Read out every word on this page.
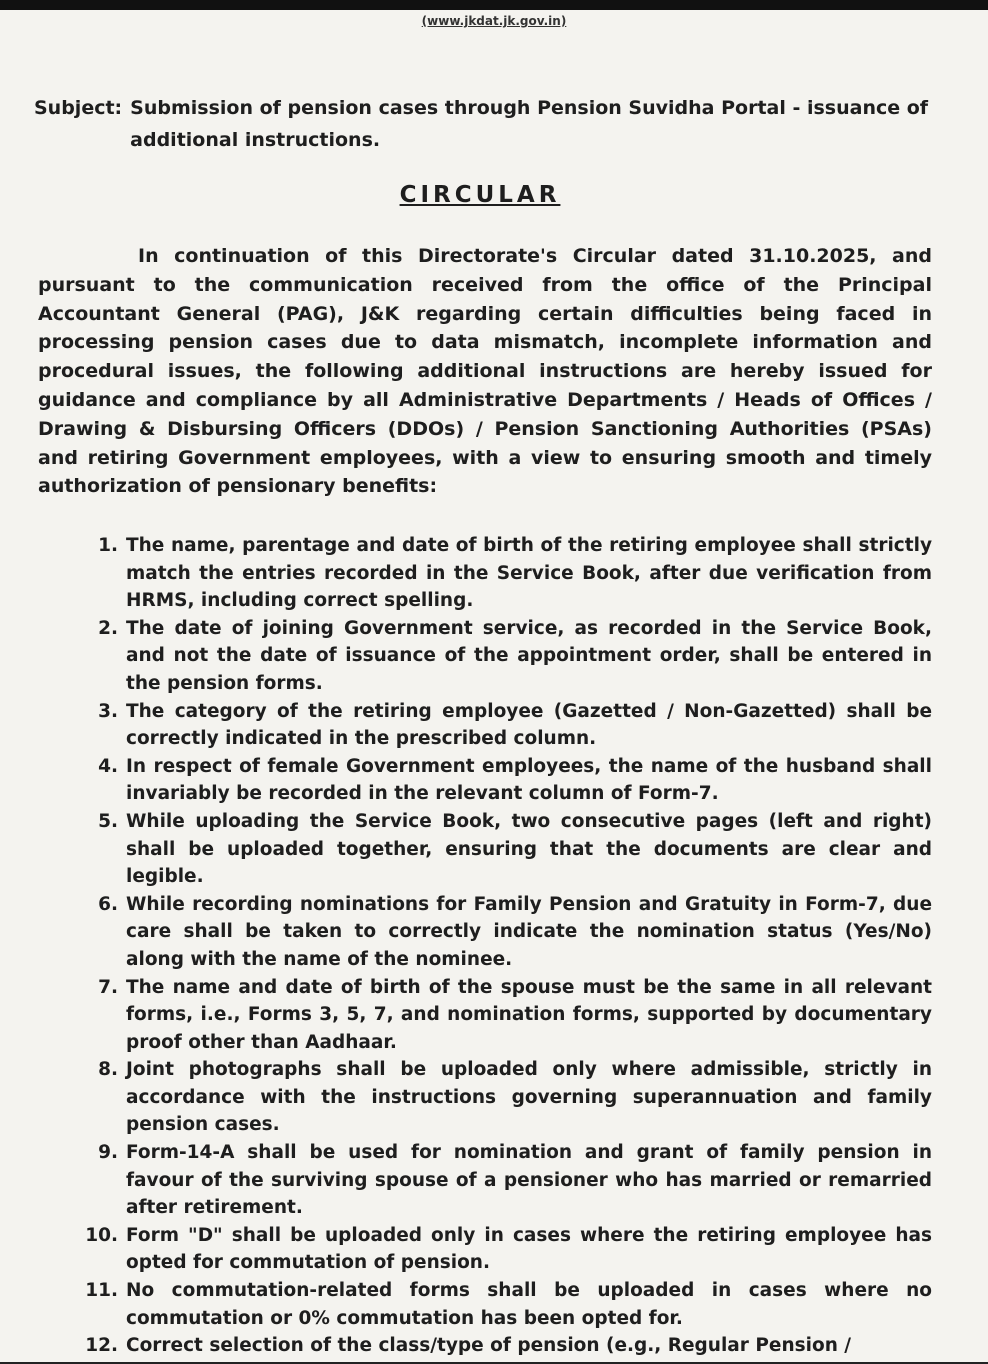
(www.jkdat.jk.gov.in)
Subject: Submission of pension cases through Pension Suvidha Portal - issuance of additional instructions.
CIRCULAR

In continuation of this Directorate's Circular dated 31.10.2025, and pursuant to the communication received from the office of the Principal Accountant General (PAG), J&K regarding certain difficulties being faced in processing pension cases due to data mismatch, incomplete information and procedural issues, the following additional instructions are hereby issued for guidance and compliance by all Administrative Departments / Heads of Offices / Drawing & Disbursing Officers (DDOs) / Pension Sanctioning Authorities (PSAs) and retiring Government employees, with a view to ensuring smooth and timely authorization of pensionary benefits:

1. The name, parentage and date of birth of the retiring employee shall strictly match the entries recorded in the Service Book, after due verification from HRMS, including correct spelling.
2. The date of joining Government service, as recorded in the Service Book, and not the date of issuance of the appointment order, shall be entered in the pension forms.
3. The category of the retiring employee (Gazetted / Non-Gazetted) shall be correctly indicated in the prescribed column.
4. In respect of female Government employees, the name of the husband shall invariably be recorded in the relevant column of Form-7.
5. While uploading the Service Book, two consecutive pages (left and right) shall be uploaded together, ensuring that the documents are clear and legible.
6. While recording nominations for Family Pension and Gratuity in Form-7, due care shall be taken to correctly indicate the nomination status (Yes/No) along with the name of the nominee.
7. The name and date of birth of the spouse must be the same in all relevant forms, i.e., Forms 3, 5, 7, and nomination forms, supported by documentary proof other than Aadhaar.
8. Joint photographs shall be uploaded only where admissible, strictly in accordance with the instructions governing superannuation and family pension cases.
9. Form-14-A shall be used for nomination and grant of family pension in favour of the surviving spouse of a pensioner who has married or remarried after retirement.
10. Form "D" shall be uploaded only in cases where the retiring employee has opted for commutation of pension.
11. No commutation-related forms shall be uploaded in cases where no commutation or 0% commutation has been opted for.
12. Correct selection of the class/type of pension (e.g., Regular Pension /
